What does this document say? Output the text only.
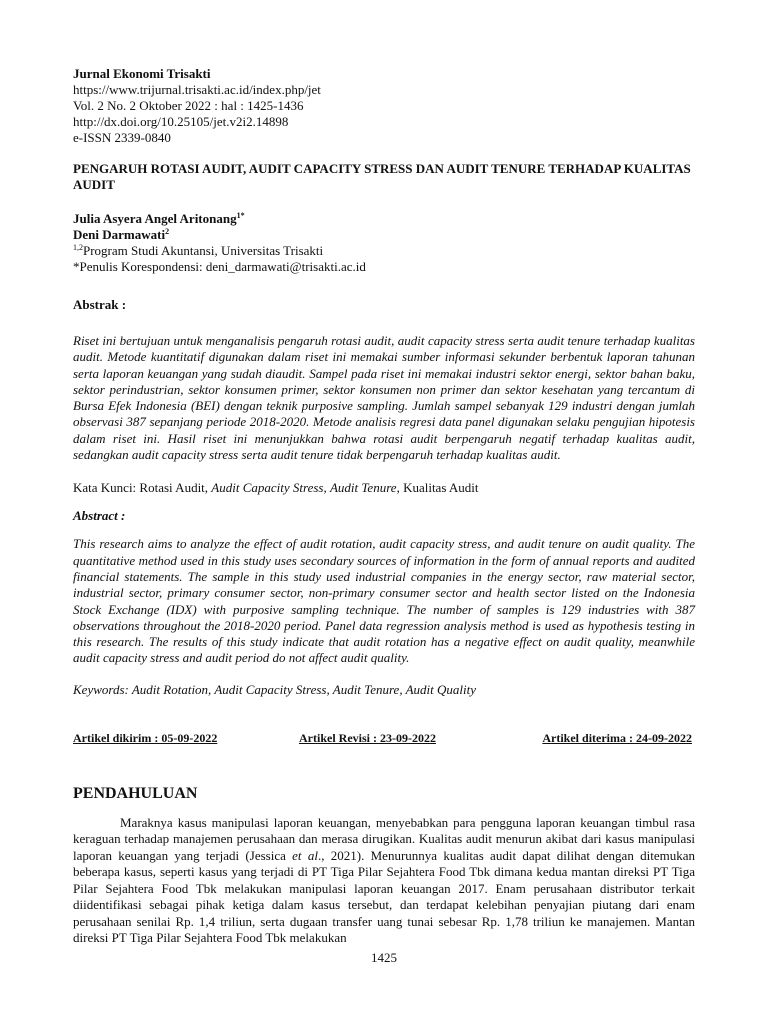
Jurnal Ekonomi Trisakti
https://www.trijurnal.trisakti.ac.id/index.php/jet
Vol. 2 No. 2 Oktober 2022 : hal : 1425-1436
http://dx.doi.org/10.25105/jet.v2i2.14898
e-ISSN 2339-0840
PENGARUH ROTASI AUDIT, AUDIT CAPACITY STRESS DAN AUDIT TENURE TERHADAP KUALITAS AUDIT
Julia Asyera Angel Aritonang$^{1*}$
Deni Darmawati$^2$
$^{1,2}$Program Studi Akuntansi, Universitas Trisakti
*Penulis Korespondensi: deni_darmawati@trisakti.ac.id
Abstrak :
Riset ini bertujuan untuk menganalisis pengaruh rotasi audit, audit capacity stress serta audit tenure terhadap kualitas audit. Metode kuantitatif digunakan dalam riset ini memakai sumber informasi sekunder berbentuk laporan tahunan serta laporan keuangan yang sudah diaudit. Sampel pada riset ini memakai industri sektor energi, sektor bahan baku, sektor perindustrian, sektor konsumen primer, sektor konsumen non primer dan sektor kesehatan yang tercantum di Bursa Efek Indonesia (BEI) dengan teknik purposive sampling. Jumlah sampel sebanyak 129 industri dengan jumlah observasi 387 sepanjang periode 2018-2020. Metode analisis regresi data panel digunakan selaku pengujian hipotesis dalam riset ini. Hasil riset ini menunjukkan bahwa rotasi audit berpengaruh negatif terhadap kualitas audit, sedangkan audit capacity stress serta audit tenure tidak berpengaruh terhadap kualitas audit.
Kata Kunci: Rotasi Audit, Audit Capacity Stress, Audit Tenure, Kualitas Audit
Abstract :
This research aims to analyze the effect of audit rotation, audit capacity stress, and audit tenure on audit quality. The quantitative method used in this study uses secondary sources of information in the form of annual reports and audited financial statements. The sample in this study used industrial companies in the energy sector, raw material sector, industrial sector, primary consumer sector, non-primary consumer sector and health sector listed on the Indonesia Stock Exchange (IDX) with purposive sampling technique. The number of samples is 129 industries with 387 observations throughout the 2018-2020 period. Panel data regression analysis method is used as hypothesis testing in this research. The results of this study indicate that audit rotation has a negative effect on audit quality, meanwhile audit capacity stress and audit period do not affect audit quality.
Keywords: Audit Rotation, Audit Capacity Stress, Audit Tenure, Audit Quality
Artikel dikirim : 05-09-2022	Artikel Revisi : 23-09-2022	Artikel diterima : 24-09-2022
PENDAHULUAN
Maraknya kasus manipulasi laporan keuangan, menyebabkan para pengguna laporan keuangan timbul rasa keraguan terhadap manajemen perusahaan dan merasa dirugikan. Kualitas audit menurun akibat dari kasus manipulasi laporan keuangan yang terjadi (Jessica et al., 2021). Menurunnya kualitas audit dapat dilihat dengan ditemukan beberapa kasus, seperti kasus yang terjadi di PT Tiga Pilar Sejahtera Food Tbk dimana kedua mantan direksi PT Tiga Pilar Sejahtera Food Tbk melakukan manipulasi laporan keuangan 2017. Enam perusahaan distributor terkait diidentifikasi sebagai pihak ketiga dalam kasus tersebut, dan terdapat kelebihan penyajian piutang dari enam perusahaan senilai Rp. 1,4 triliun, serta dugaan transfer uang tunai sebesar Rp. 1,78 triliun ke manajemen. Mantan direksi PT Tiga Pilar Sejahtera Food Tbk melakukan
1425
